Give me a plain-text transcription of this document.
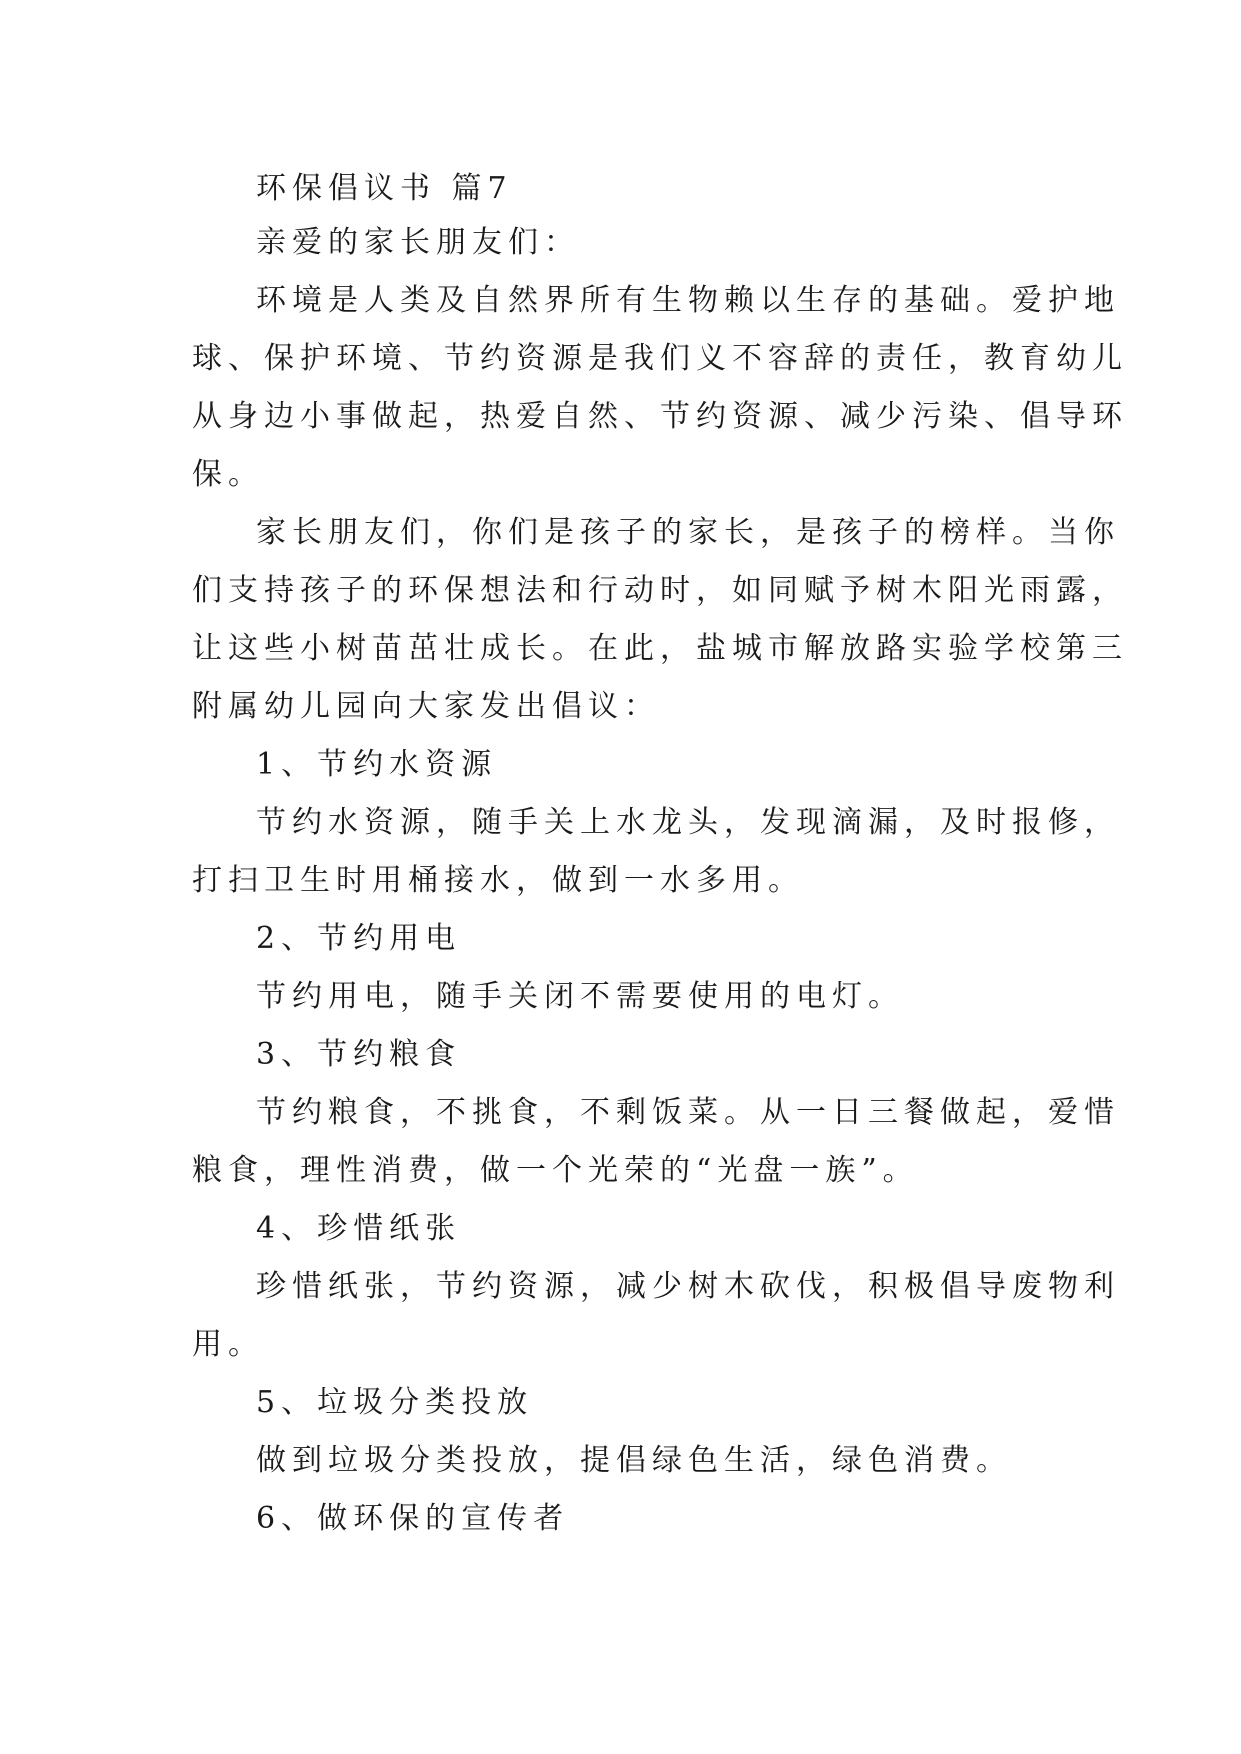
环保倡议书 篇7

亲爱的家长朋友们：

环境是人类及自然界所有生物赖以生存的基础。爱护地

球、保护环境、节约资源是我们义不容辞的责任，教育幼儿

从身边小事做起，热爱自然、节约资源、减少污染、倡导环

保。

家长朋友们，你们是孩子的家长，是孩子的榜样。当你

们支持孩子的环保想法和行动时，如同赋予树木阳光雨露，

让这些小树苗茁壮成长。在此，盐城市解放路实验学校第三

附属幼儿园向大家发出倡议：

1、节约水资源

节约水资源，随手关上水龙头，发现滴漏，及时报修，

打扫卫生时用桶接水，做到一水多用。

2、节约用电

节约用电，随手关闭不需要使用的电灯。

3、节约粮食

节约粮食，不挑食，不剩饭菜。从一日三餐做起，爱惜

粮食，理性消费，做一个光荣的“光盘一族”。

4、珍惜纸张

珍惜纸张，节约资源，减少树木砍伐，积极倡导废物利

用。

5、垃圾分类投放

做到垃圾分类投放，提倡绿色生活，绿色消费。

6、做环保的宣传者
